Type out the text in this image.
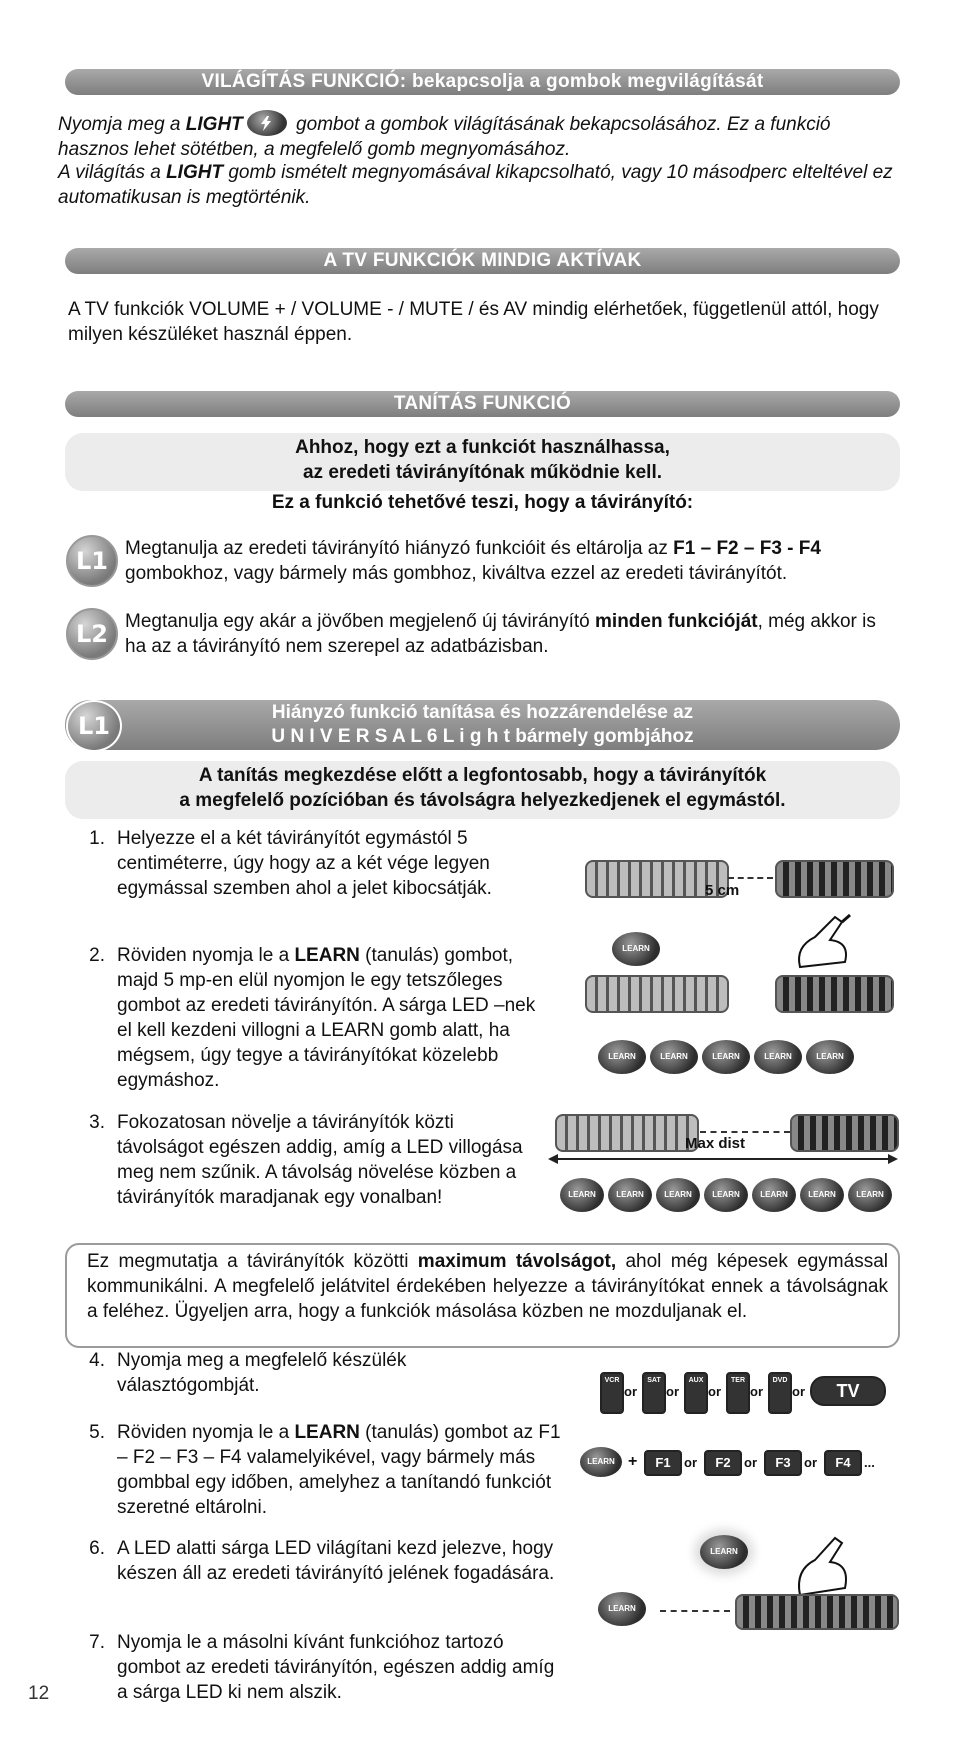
VILÁGÍTÁS FUNKCIÓ: bekapcsolja a gombok megvilágítását

Nyomja meg a LIGHT	gombot a gombok világításának bekapcsolásához. Ez a funkció hasznos lehet sötétben, a megfelelő gomb megnyomásához.

A világítás a LIGHT gomb ismételt megnyomásával kikapcsolható, vagy 10 másodperc elteltével ez automatikusan is megtörténik.

A TV FUNKCIÓK MINDIG AKTÍVAK

A TV funkciók VOLUME + / VOLUME - / MUTE / és AV mindig elérhetőek, függetlenül attól, hogy milyen készüléket használ éppen.

TANÍTÁS FUNKCIÓ
Ahhoz, hogy ezt a funkciót használhassa,
az eredeti távirányítónak működnie kell.
Ez a funkció tehetővé teszi, hogy a távirányító:
L1 Megtanulja az eredeti távirányító hiányzó funkcióit és eltárolja az F1 – F2 – F3 - F4 gombokhoz, vagy bármely más gombhoz, kiváltva ezzel az eredeti távirányítót.

L2 Megtanulja egy akár a jövőben megjelenő új távirányító minden funkcióját, még akkor is ha az a távirányító nem szerepel az adatbázisban.

Hiányzó funkció tanítása és hozzárendelése az
U N I V E R S A L 6 L i g h t bármely gombjához
L1
A tanítás megkezdése előtt a legfontosabb, hogy a távirányítók
a megfelelő pozícióban és távolságra helyezkedjenek el egymástól.
1. Helyezze el a két távirányítót egymástól 5 centiméterre, úgy hogy az a két vége legyen egymással szemben ahol a jelet kibocsátják.	5 cm
2. Röviden nyomja le a LEARN (tanulás) gombot, majd 5 mp-en elül nyomjon le egy tetszőleges gombot az eredeti távirányítón. A sárga LED –nek el kell kezdeni villogni a LEARN gomb alatt, ha mégsem, úgy tegye a távirányítókat közelebb egymáshoz.
LEARN
LEARN	LEARN	LEARN	LEARN	LEARN
3. Fokozatosan növelje a távirányítók közti távolságot egészen addig, amíg a LED villogása meg nem szűnik. A távolság növelése közben a távirányítók maradjanak egy vonalban!
Max dist
LEARN	LEARN	LEARN	LEARN	LEARN	LEARN	LEARN
Ez megmutatja a távirányítók közötti maximum távolságot, ahol még képesek egymással kommunikálni. A megfelelő jelátvitel érdekében helyezze a távirányítókat ennek a távolságnak a feléhez. Ügyeljen arra, hogy a funkciók másolása közben ne mozduljanak el.
4. Nyomja meg a megfelelő készülék választógombját.	VCR
or
SAT
or
AUX
or
TER
or
DVD
or	TV
5. Röviden nyomja le a LEARN (tanulás) gombot az F1 – F2 – F3 – F4 valamelyikével, vagy bármely más gombbal egy időben, amelyhez a tanítandó funkciót szeretné eltárolni.
LEARN +	F1	or	F2	or	F3	or	F4	...
6. A LED alatti sárga LED világítani kezd jelezve, hogy készen áll az eredeti távirányító jelének fogadására.
LEARN
LEARN
7. Nyomja le a másolni kívánt funkcióhoz tartozó gombot az eredeti távirányítón, egészen addig amíg a sárga LED ki nem alszik.
12
